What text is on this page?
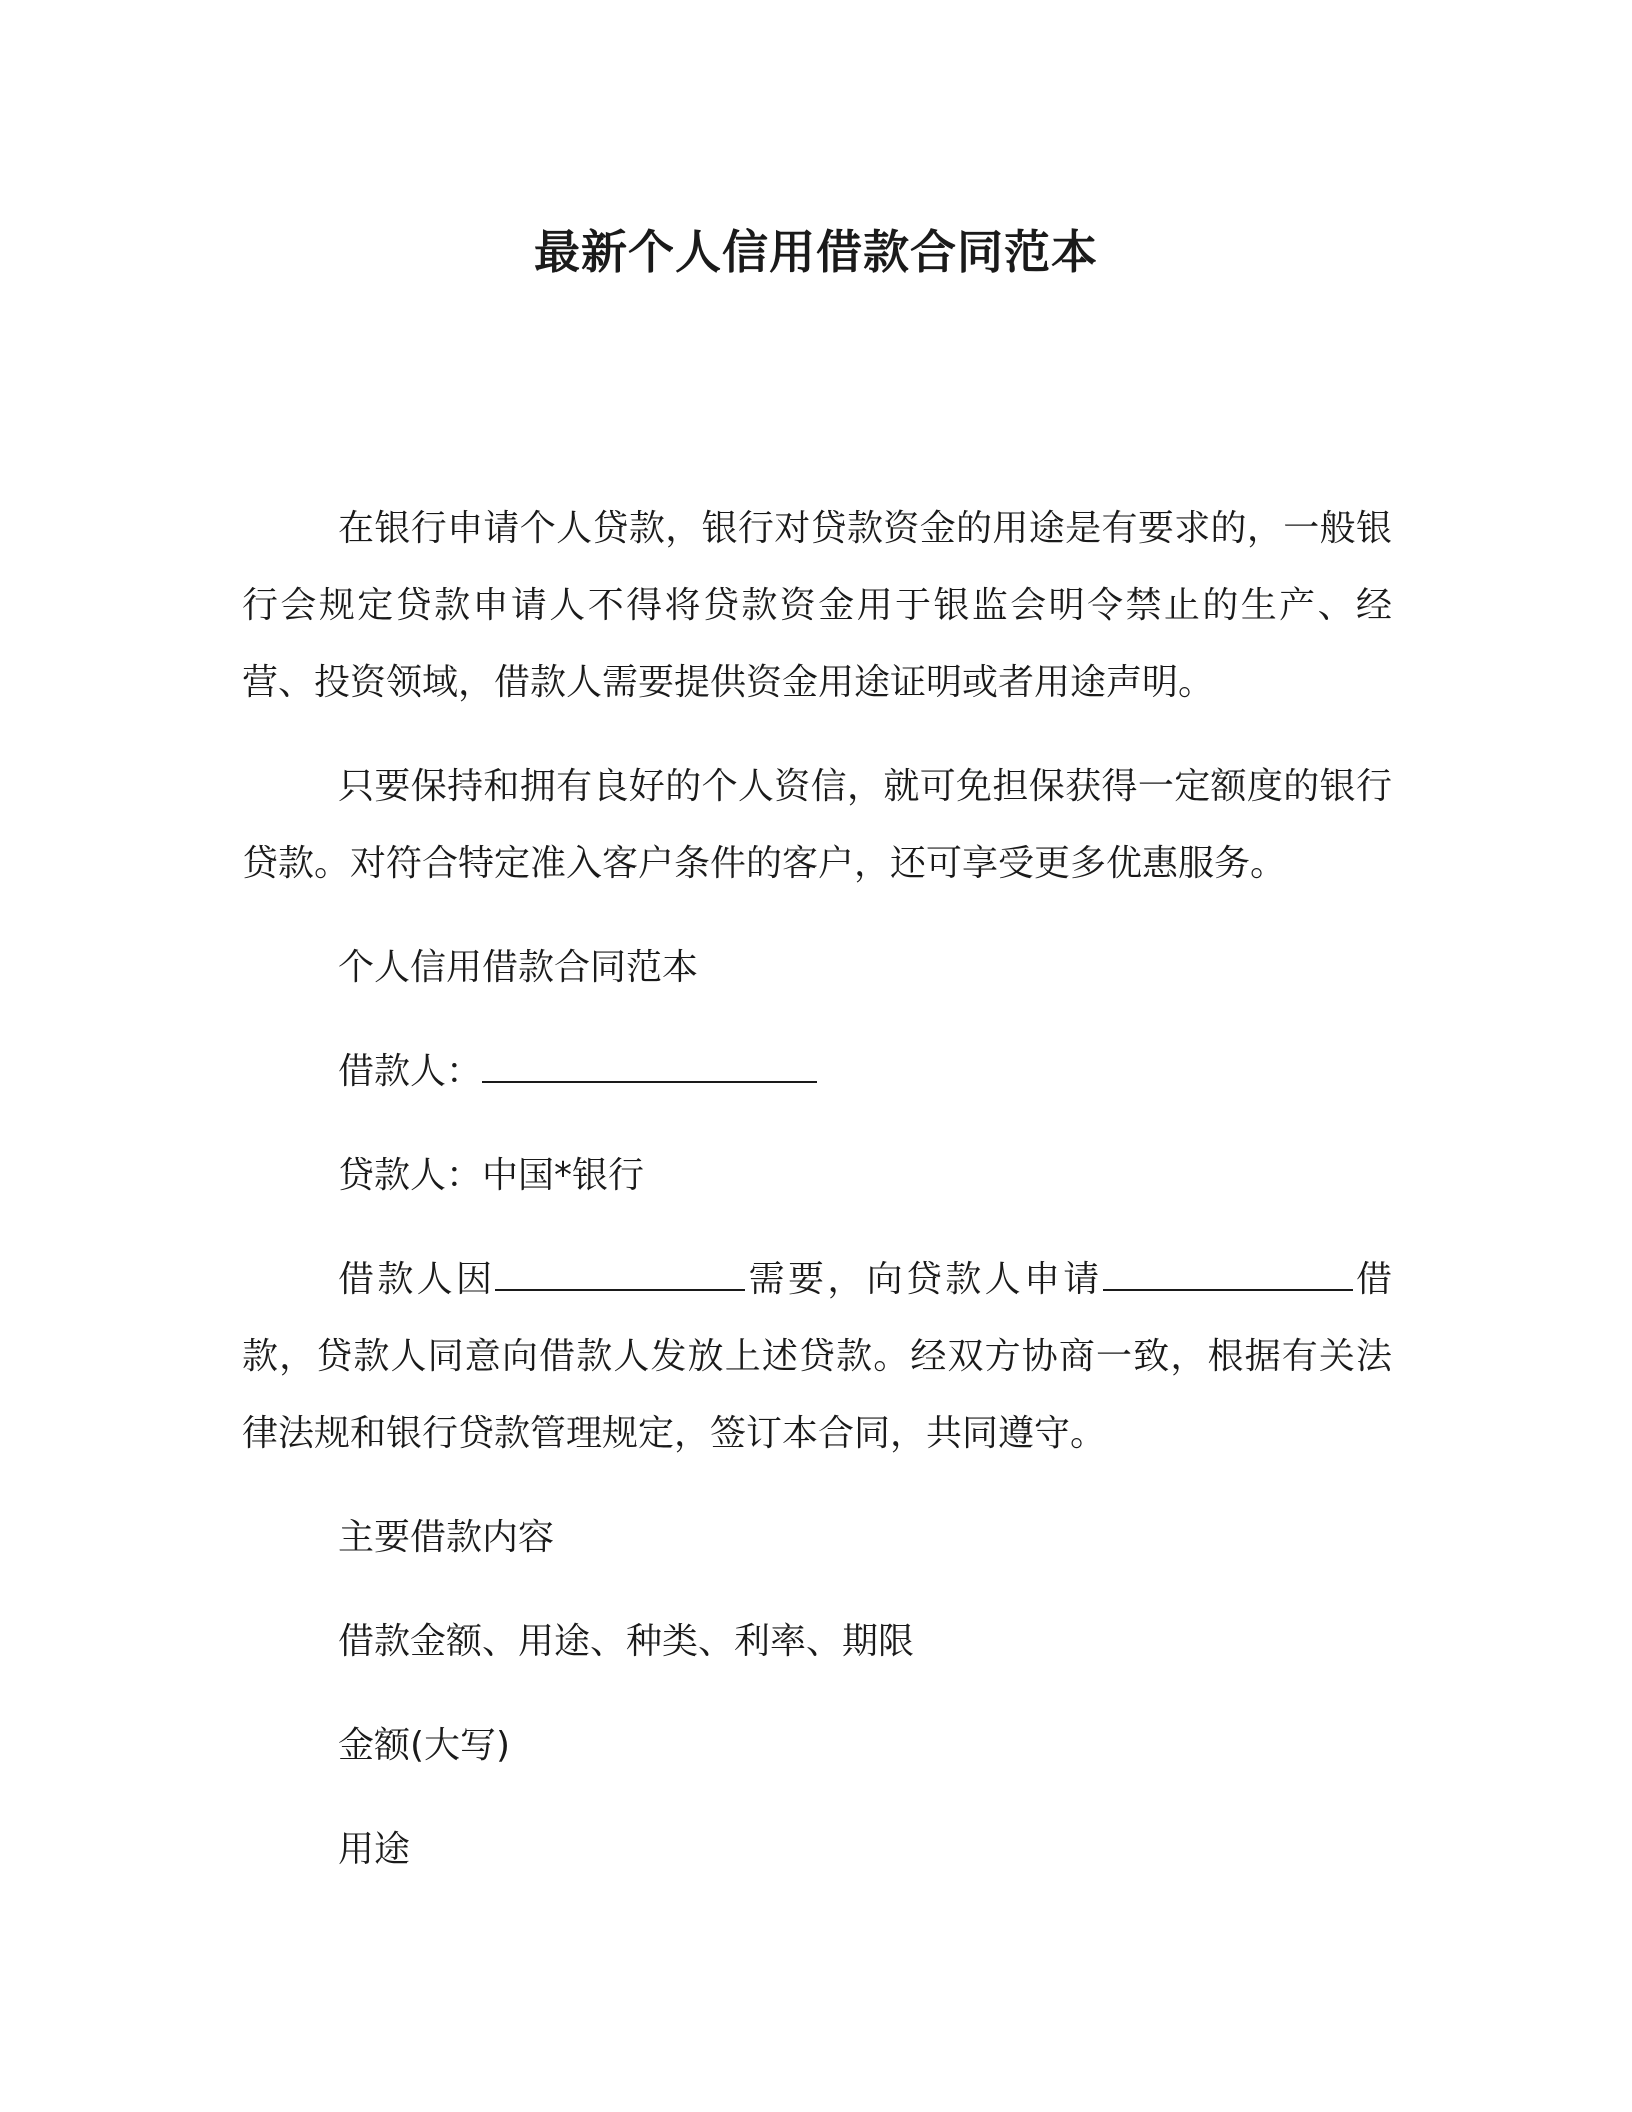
最新个人信用借款合同范本

在银行申请个人贷款，银行对贷款资金的用途是有要求的，一般银行会规定贷款申请人不得将贷款资金用于银监会明令禁止的生产、经营、投资领域，借款人需要提供资金用途证明或者用途声明。

只要保持和拥有良好的个人资信，就可免担保获得一定额度的银行贷款。对符合特定准入客户条件的客户，还可享受更多优惠服务。

个人信用借款合同范本

借款人：

贷款人：中国*银行

借款人因	需要，向贷款人申请	借款，贷款人同意向借款人发放上述贷款。经双方协商一致，根据有关法律法规和银行贷款管理规定，签订本合同，共同遵守。

主要借款内容

借款金额、用途、种类、利率、期限

金额(大写)

用途
